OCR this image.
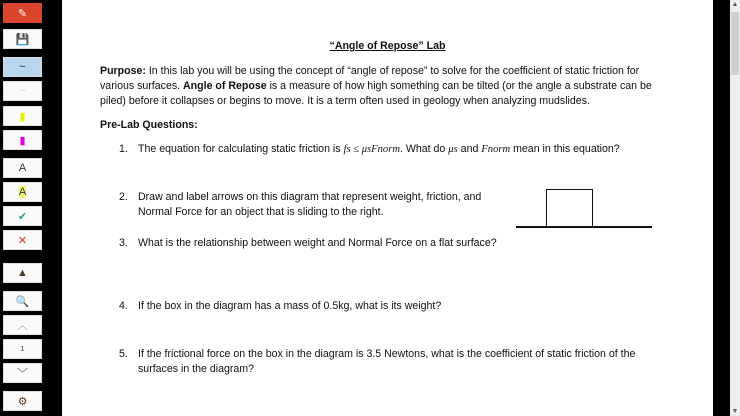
✎
💾
~
~
▮
▮
A
A
✔
✕
▲
🔍
︿
1
﹀
⚙
“Angle of Repose” Lab
Purpose: In this lab you will be using the concept of “angle of repose” to solve for the coefficient of static friction for
various surfaces. Angle of Repose is a measure of how high something can be tilted (or the angle a substrate can be
piled) before it collapses or begins to move. It is a term often used in geology when analyzing mudslides.
Pre-Lab Questions:
1. The equation for calculating static friction is fs ≤ μsFnorm. What do μs and Fnorm mean in this equation?
2. Draw and label arrows on this diagram that represent weight, friction, and
Normal Force for an object that is sliding to the right.
3. What is the relationship between weight and Normal Force on a flat surface?
4. If the box in the diagram has a mass of 0.5kg, what is its weight?
5. If the frictional force on the box in the diagram is 3.5 Newtons, what is the coefficient of static friction of the
surfaces in the diagram?
▲
▼
